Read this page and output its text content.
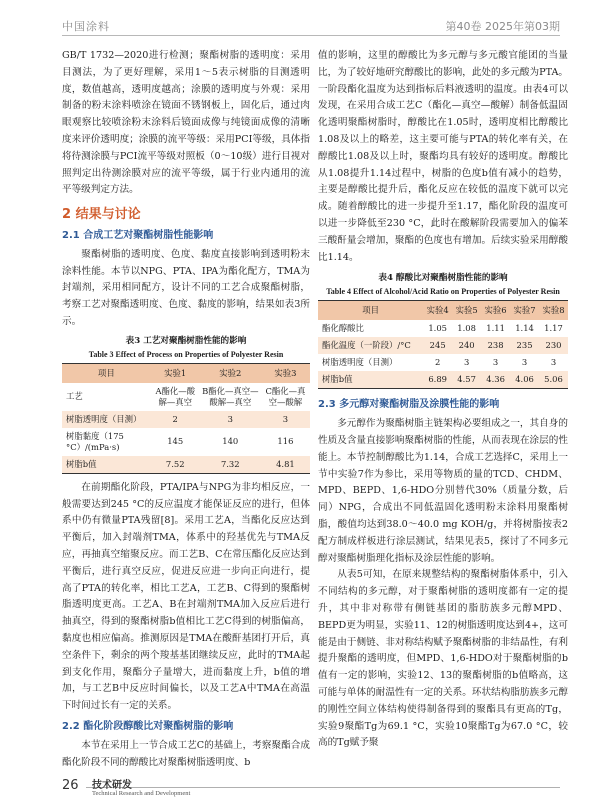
中国涂料	第40卷 2025年第03期

GB/T 1732—2020进行检测；聚酯树脂的透明度：采用目测法，为了更好理解，采用1～5表示树脂的目测透明度，数值越高，透明度越高；涂膜的透明度与外观：采用制备的粉末涂料喷涂在镜面不锈钢板上，固化后，通过肉眼观察比较喷涂粉末涂料后镜面成像与纯镜面成像的清晰度来评价透明度；涂膜的流平等级：采用PCI等级，具体指将待测涂膜与PCI流平等级对照板（0～10级）进行目视对照判定出待测涂膜对应的流平等级，属于行业内通用的流平等级判定方法。

2 结果与讨论
2.1 合成工艺对聚酯树脂性能影响

聚酯树脂的透明度、色度、黏度直接影响到透明粉末涂料性能。本节以NPG、PTA、IPA为酯化配方，TMA为封端剂，采用相同配方，设计不同的工艺合成聚酯树脂，考察工艺对聚酯透明度、色度、黏度的影响，结果如表3所示。

表3 工艺对聚酯树脂性能的影响
Table 3 Effect of Process on Properties of Polyester Resin
项目	实验1	实验2	实验3
工艺	A酯化—酸解—真空	B酯化—真空—酸解—真空	C酯化—真空—酸解
树脂透明度（目测）	2	3	3
树脂黏度（175 °C）/(mPa·s)	145	140	116
树脂b值	7.52	7.32	4.81

在前期酯化阶段，PTA/IPA与NPG为非均相反应，一般需要达到245 °C的反应温度才能保证反应的进行，但体系中仍有微量PTA残留[8]。采用工艺A，当酯化反应达到平衡后，加入封端剂TMA，体系中的羟基优先与TMA反应，再抽真空缩聚反应。而工艺B、C在常压酯化反应达到平衡后，进行真空反应，促进反应进一步向正向进行，提高了PTA的转化率，相比工艺A，工艺B、C得到的聚酯树脂透明度更高。工艺A、B在封端剂TMA加入反应后进行抽真空，得到的聚酯树脂b值相比工艺C得到的树脂偏高，黏度也相应偏高。推测原因是TMA在酸酐基团打开后，真空条件下，剩余的两个羧基基团继续反应，此时的TMA起到支化作用，聚酯分子量增大，进而黏度上升，b值的增加，与工艺B中反应时间偏长，以及工艺A中TMA在高温下时间过长有一定的关系。

2.2 酯化阶段醇酸比对聚酯树脂的影响

本节在采用上一节合成工艺C的基础上，考察聚酯合成酯化阶段不同的醇酸比对聚酯树脂透明度、b

值的影响，这里的醇酸比为多元醇与多元酸官能团的当量比，为了较好地研究醇酸比的影响，此处的多元酸为PTA。一阶段酯化温度为达到指标后料液透明的温度。由表4可以发现，在采用合成工艺C（酯化—真空—酸解）制备低温固化透明聚酯树脂时，醇酸比在1.05时，透明度相比醇酸比1.08及以上的略差，这主要可能与PTA的转化率有关，在醇酸比1.08及以上时，聚酯均具有较好的透明度。醇酸比从1.08提升1.14过程中，树脂的色度b值有减小的趋势，主要是醇酸比提升后，酯化反应在较低的温度下就可以完成。随着醇酸比的进一步提升至1.17，酯化阶段的温度可以进一步降低至230 °C，此时在酸解阶段需要加入的偏苯三酸酐量会增加，聚酯的色度也有增加。后续实验采用醇酸比1.14。

表4 醇酸比对聚酯树脂性能的影响
Table 4 Effect of Alcohol/Acid Ratio on Properties of Polyester Resin
项目	实验4	实验5	实验6	实验7	实验8
酯化醇酸比	1.05	1.08	1.11	1.14	1.17
酯化温度（一阶段）/°C	245	240	238	235	230
树脂透明度（目测）	2	3	3	3	3
树脂b值	6.89	4.57	4.36	4.06	5.06
2.3 多元醇对聚酯树脂及涂膜性能的影响

多元醇作为聚酯树脂主链架构必要组成之一，其自身的性质及含量直接影响聚酯树脂的性能，从而表现在涂层的性能上。本节控制醇酸比为1.14，合成工艺选择C，采用上一节中实验7作为参比，采用等物质的量的TCD、CHDM、MPD、BEPD、1,6-HDO分别替代30%（质量分数，后同）NPG，合成出不同低温固化透明粉末涂料用聚酯树脂，酸值均达到38.0～40.0 mg KOH/g，并将树脂按表2配方制成样板进行涂层测试，结果见表5，探讨了不同多元醇对聚酯树脂理化指标及涂层性能的影响。

从表5可知，在原来规整结构的聚酯树脂体系中，引入不同结构的多元醇，对于聚酯树脂的透明度都有一定的提升，其中非对称带有侧链基团的脂肪族多元醇MPD、BEPD更为明显，实验11、12的树脂透明度达到4+，这可能是由于侧链、非对称结构赋予聚酯树脂的非结晶性，有利提升聚酯的透明度，但MPD、1,6-HDO对于聚酯树脂的b值有一定的影响，实验12、13的聚酯树脂的b值略高，这可能与单体的耐温性有一定的关系。环状结构脂肪族多元醇的刚性空间立体结构使得制备得到的聚酯具有更高的Tg，实验9聚酯Tg为69.1 °C，实验10聚酯Tg为67.0 °C，较高的Tg赋予聚

26 技术研发
Technical Research and Development
